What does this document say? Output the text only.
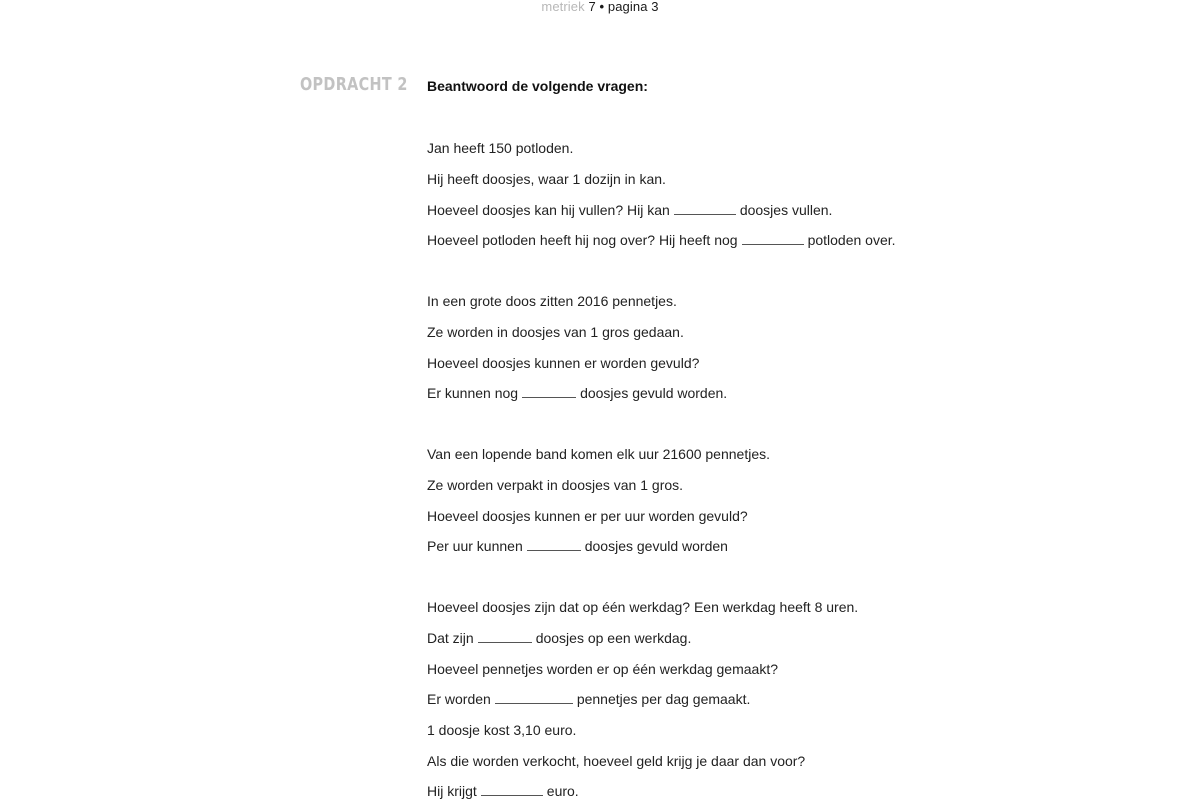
metriek 7 • pagina 3
OPDRACHT 2 Beantwoord de volgende vragen:
Jan heeft 150 potloden.
Hij heeft doosjes, waar 1 dozijn in kan.
Hoeveel doosjes kan hij vullen? Hij kan	doosjes vullen.
Hoeveel potloden heeft hij nog over? Hij heeft nog	potloden over.
In een grote doos zitten 2016 pennetjes.
Ze worden in doosjes van 1 gros gedaan.
Hoeveel doosjes kunnen er worden gevuld?
Er kunnen nog	doosjes gevuld worden.
Van een lopende band komen elk uur 21600 pennetjes.
Ze worden verpakt in doosjes van 1 gros.
Hoeveel doosjes kunnen er per uur worden gevuld?
Per uur kunnen	doosjes gevuld worden
Hoeveel doosjes zijn dat op één werkdag? Een werkdag heeft 8 uren.
Dat zijn	doosjes op een werkdag.
Hoeveel pennetjes worden er op één werkdag gemaakt?
Er worden	pennetjes per dag gemaakt.
1 doosje kost 3,10 euro.
Als die worden verkocht, hoeveel geld krijg je daar dan voor?
Hij krijgt	euro.
